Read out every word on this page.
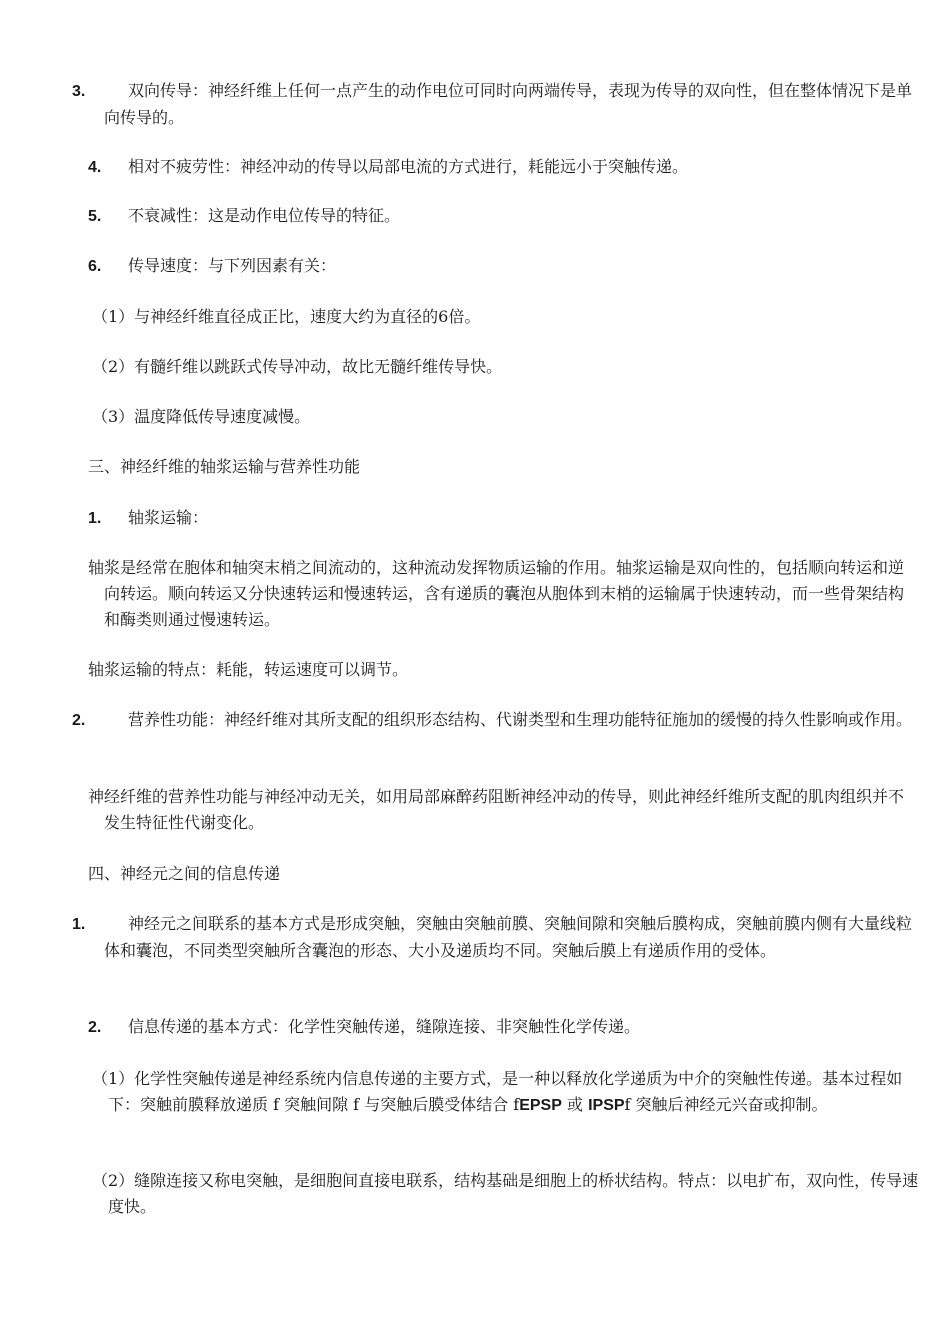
3.	双向传导：神经纤维上任何一点产生的动作电位可同时向两端传导，表现为传导的双向性，但在整体情况下是单向传导的。
4. 相对不疲劳性：神经冲动的传导以局部电流的方式进行，耗能远小于突触传递。
5. 不衰减性：这是动作电位传导的特征。
6. 传导速度：与下列因素有关：
（1）与神经纤维直径成正比，速度大约为直径的6倍。
（2）有髓纤维以跳跃式传导冲动，故比无髓纤维传导快。
（3）温度降低传导速度减慢。
三、神经纤维的轴浆运输与营养性功能
1. 轴浆运输：
轴浆是经常在胞体和轴突末梢之间流动的，这种流动发挥物质运输的作用。轴浆运输是双向性的，包括顺向转运和逆向转运。顺向转运又分快速转运和慢速转运，含有递质的囊泡从胞体到末梢的运输属于快速转动，而一些骨架结构和酶类则通过慢速转运。
轴浆运输的特点：耗能，转运速度可以调节。
2.	营养性功能：神经纤维对其所支配的组织形态结构、代谢类型和生理功能特征施加的缓慢的持久性影响或作用。
神经纤维的营养性功能与神经冲动无关，如用局部麻醉药阻断神经冲动的传导，则此神经纤维所支配的肌肉组织并不发生特征性代谢变化。
四、神经元之间的信息传递
1.	神经元之间联系的基本方式是形成突触，突触由突触前膜、突触间隙和突触后膜构成，突触前膜内侧有大量线粒体和囊泡，不同类型突触所含囊泡的形态、大小及递质均不同。突触后膜上有递质作用的受体。
2. 信息传递的基本方式：化学性突触传递，缝隙连接、非突触性化学传递。
（1）化学性突触传递是神经系统内信息传递的主要方式，是一种以释放化学递质为中介的突触性传递。基本过程如下：突触前膜释放递质 f 突触间隙 f 与突触后膜受体结合 fEPSP 或 IPSPf 突触后神经元兴奋或抑制。
（2）缝隙连接又称电突触，是细胞间直接电联系，结构基础是细胞上的桥状结构。特点：以电扩布，双向性，传导速度快。
